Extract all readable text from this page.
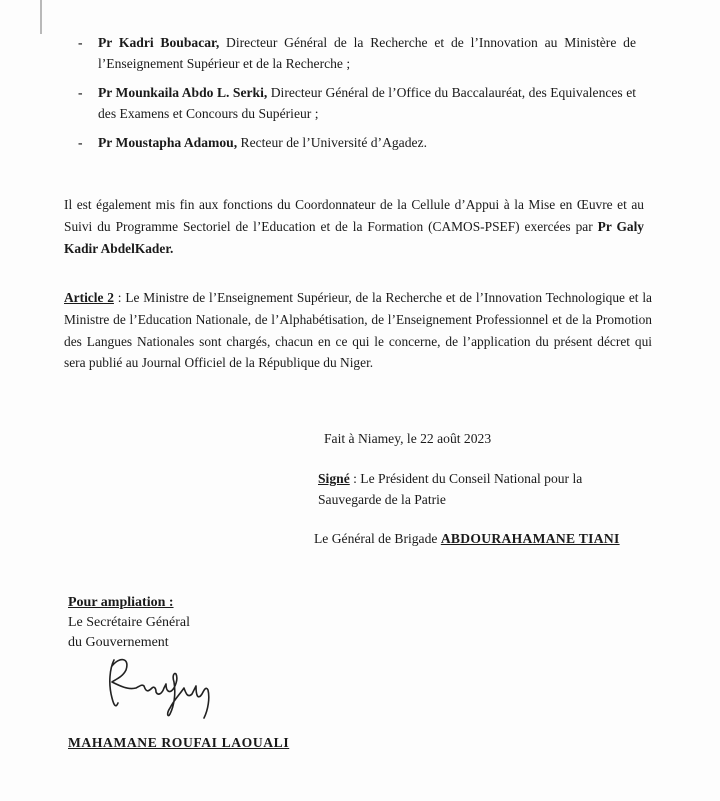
- Pr Kadri Boubacar, Directeur Général de la Recherche et de l’Innovation au Ministère de l’Enseignement Supérieur et de la Recherche ;
- Pr Mounkaila Abdo L. Serki, Directeur Général de l’Office du Baccalauréat, des Equivalences et des Examens et Concours du Supérieur ;
- Pr Moustapha Adamou, Recteur de l’Université d’Agadez.

Il est également mis fin aux fonctions du Coordonnateur de la Cellule d’Appui à la Mise en Œuvre et au Suivi du Programme Sectoriel de l’Education et de la Formation (CAMOS-PSEF) exercées par Pr Galy Kadir AbdelKader.

Article 2 : Le Ministre de l’Enseignement Supérieur, de la Recherche et de l’Innovation Technologique et la Ministre de l’Education Nationale, de l’Alphabétisation, de l’Enseignement Professionnel et de la Promotion des Langues Nationales sont chargés, chacun en ce qui le concerne, de l’application du présent décret qui sera publié au Journal Officiel de la République du Niger.

Fait à Niamey, le 22 août 2023
Signé : Le Président du Conseil National pour la Sauvegarde de la Patrie
Le Général de Brigade ABDOURAHAMANE TIANI
Pour ampliation :
Le Secrétaire Général
du Gouvernement
MAHAMANE ROUFAI LAOUALI
